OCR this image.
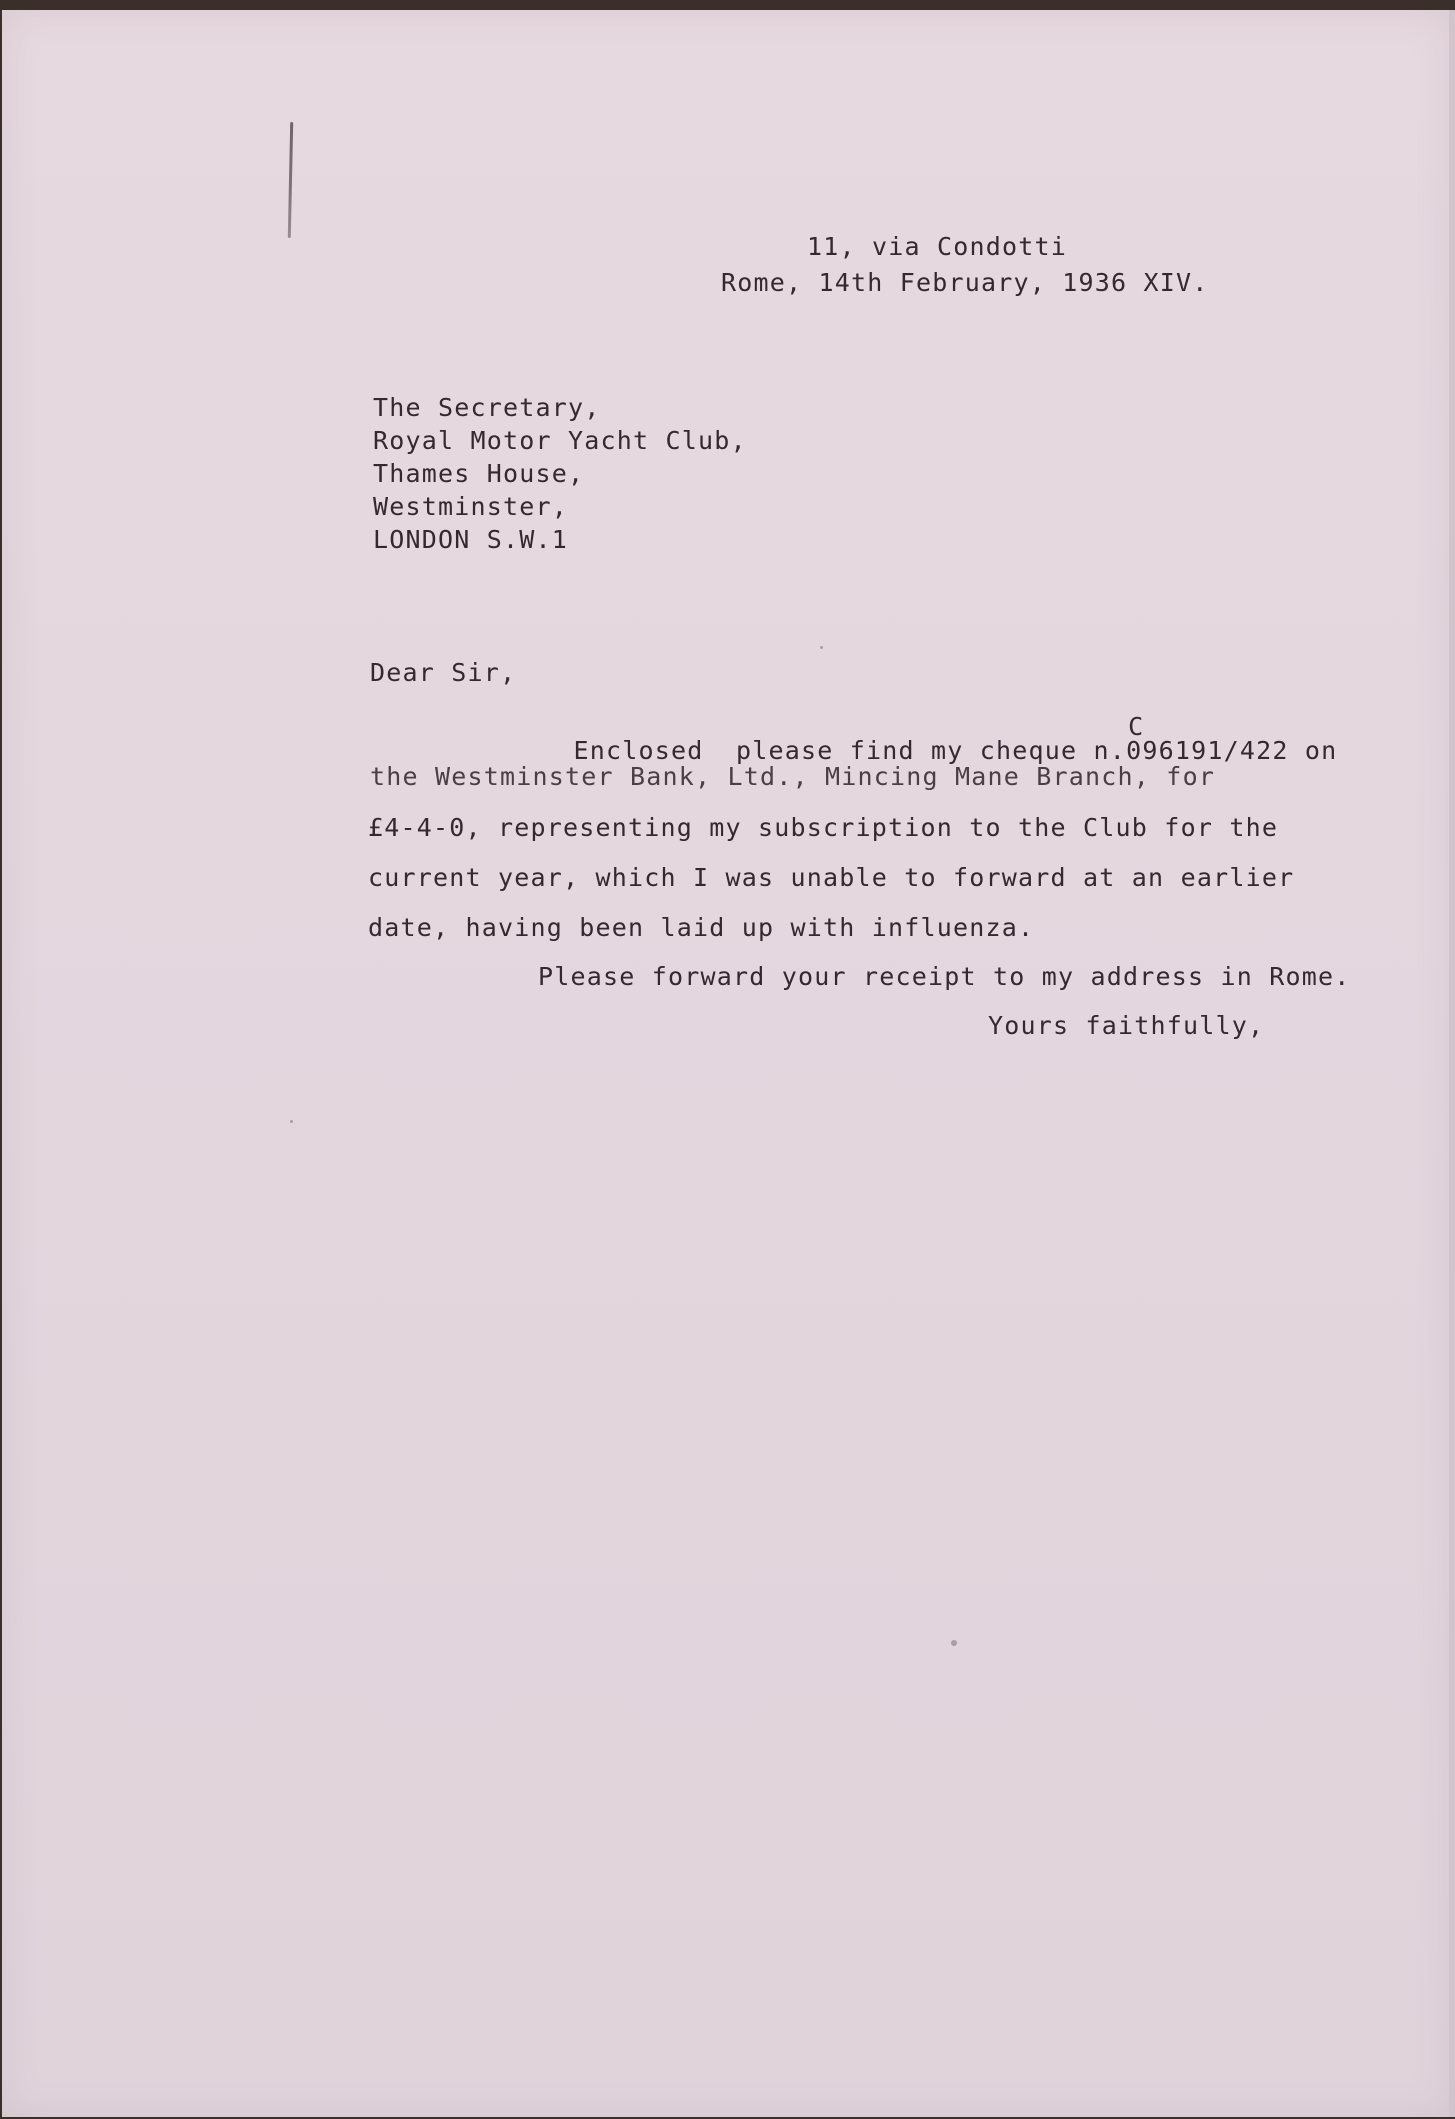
11, via Condotti
Rome, 14th February, 1936 XIV.
The Secretary,
Royal Motor Yacht Club,
Thames House,
Westminster,
LONDON S.W.1
Dear Sir,

Enclosed  please find my cheque n.
C
096191/422 on

the Westminster Bank, Ltd., Mincing Mane Branch, for
£4-4-0, representing my subscription to the Club for the
current year, which I was unable to forward at an earlier
date, having been laid up with influenza.
Please forward your receipt to my address in Rome.
Yours faithfully,
